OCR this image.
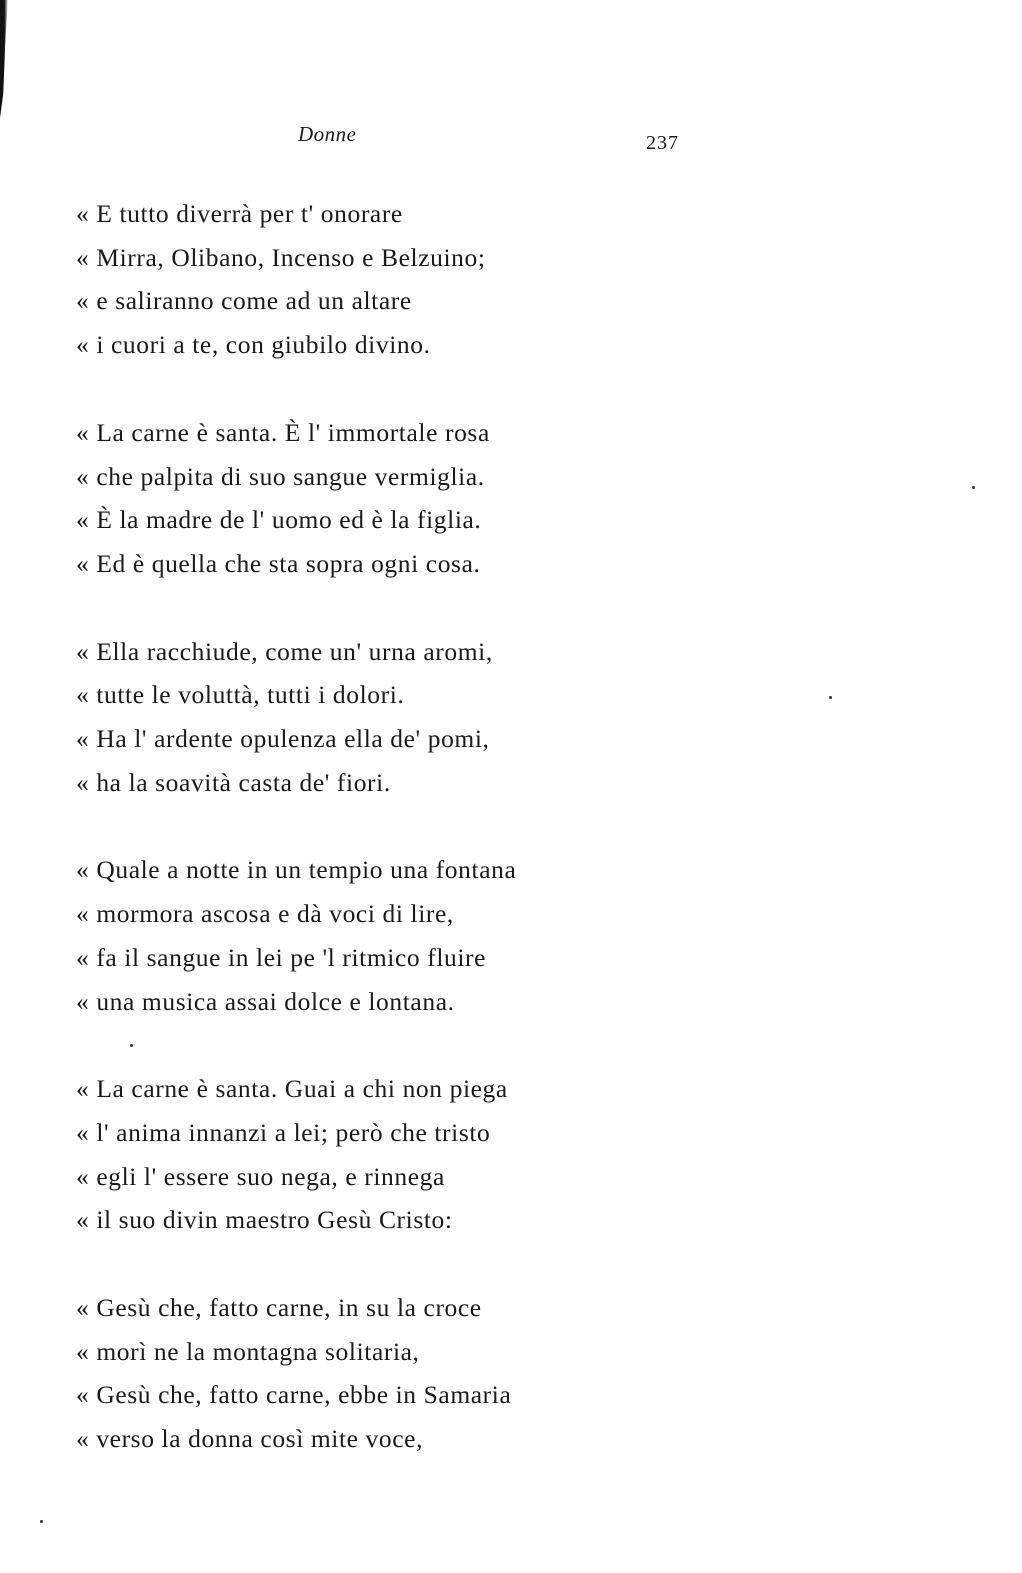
Donne	237
« E tutto diverrà per t' onorare
« Mirra, Olibano, Incenso e Belzuino;
« e saliranno come ad un altare
« i cuori a te, con giubilo divino.
« La carne è santa. È l' immortale rosa
« che palpita di suo sangue vermiglia.
« È la madre de l' uomo ed è la figlia.
« Ed è quella che sta sopra ogni cosa.
« Ella racchiude, come un' urna aromi,
« tutte le voluttà, tutti i dolori.
« Ha l' ardente opulenza ella de' pomi,
« ha la soavità casta de' fiori.
« Quale a notte in un tempio una fontana
« mormora ascosa e dà voci di lire,
« fa il sangue in lei pe 'l ritmico fluire
« una musica assai dolce e lontana.
« La carne è santa. Guai a chi non piega
« l' anima innanzi a lei; però che tristo
« egli l' essere suo nega, e rinnega
« il suo divin maestro Gesù Cristo:
« Gesù che, fatto carne, in su la croce
« morì ne la montagna solitaria,
« Gesù che, fatto carne, ebbe in Samaria
« verso la donna così mite voce,
